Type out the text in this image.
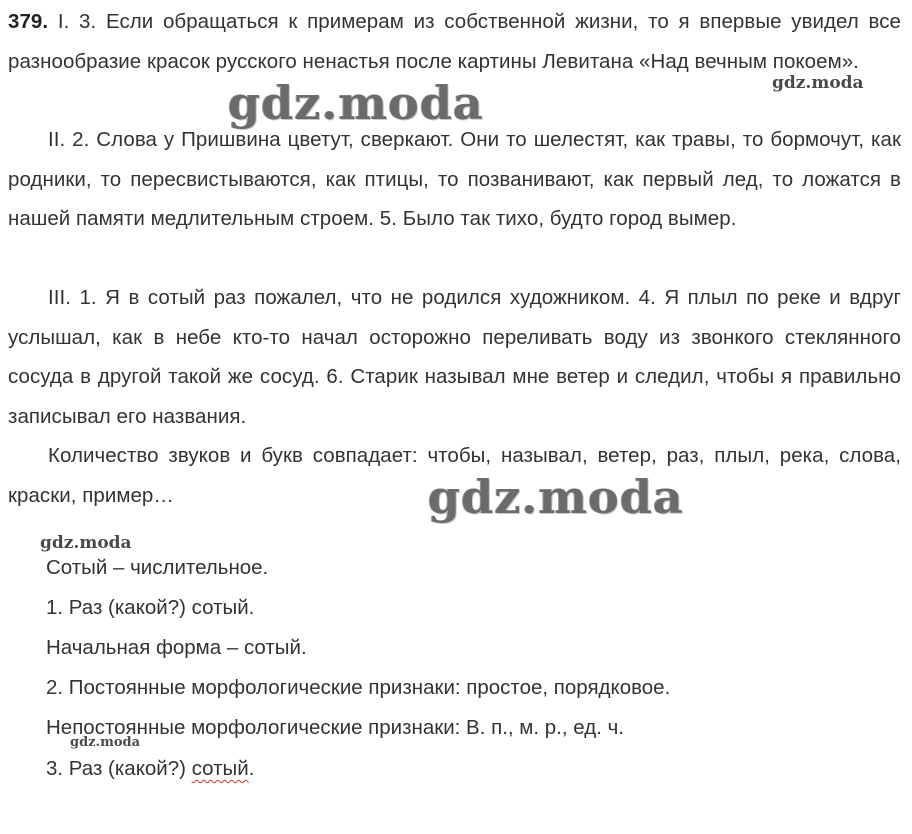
379. I. 3. Если обращаться к примерам из собственной жизни, то я впервые увидел все разнообразие красок русского ненастья после картины Левитана «Над вечным покоем».
II. 2. Слова у Пришвина цветут, сверкают. Они то шелестят, как травы, то бормочут, как родники, то пересвистываются, как птицы, то позванивают, как первый лед, то ложатся в нашей памяти медлительным строем. 5. Было так тихо, будто город вымер.
III. 1. Я в сотый раз пожалел, что не родился художником. 4. Я плыл по реке и вдруг услышал, как в небе кто-то начал осторожно переливать воду из звонкого стеклянного сосуда в другой такой же сосуд. 6. Старик называл мне ветер и следил, чтобы я правильно записывал его названия.
Количество звуков и букв совпадает: чтобы, называл, ветер, раз, плыл, река, слова, краски, пример…
Сотый – числительное.
1. Раз (какой?) сотый.
Начальная форма – сотый.
2. Постоянные морфологические признаки: простое, порядковое.
Непостоянные морфологические признаки: В. п., м. р., ед. ч.
3. Раз (какой?) сотый.
gdz.moda	gdz.moda
gdz.moda
gdz.moda
gdz.moda
